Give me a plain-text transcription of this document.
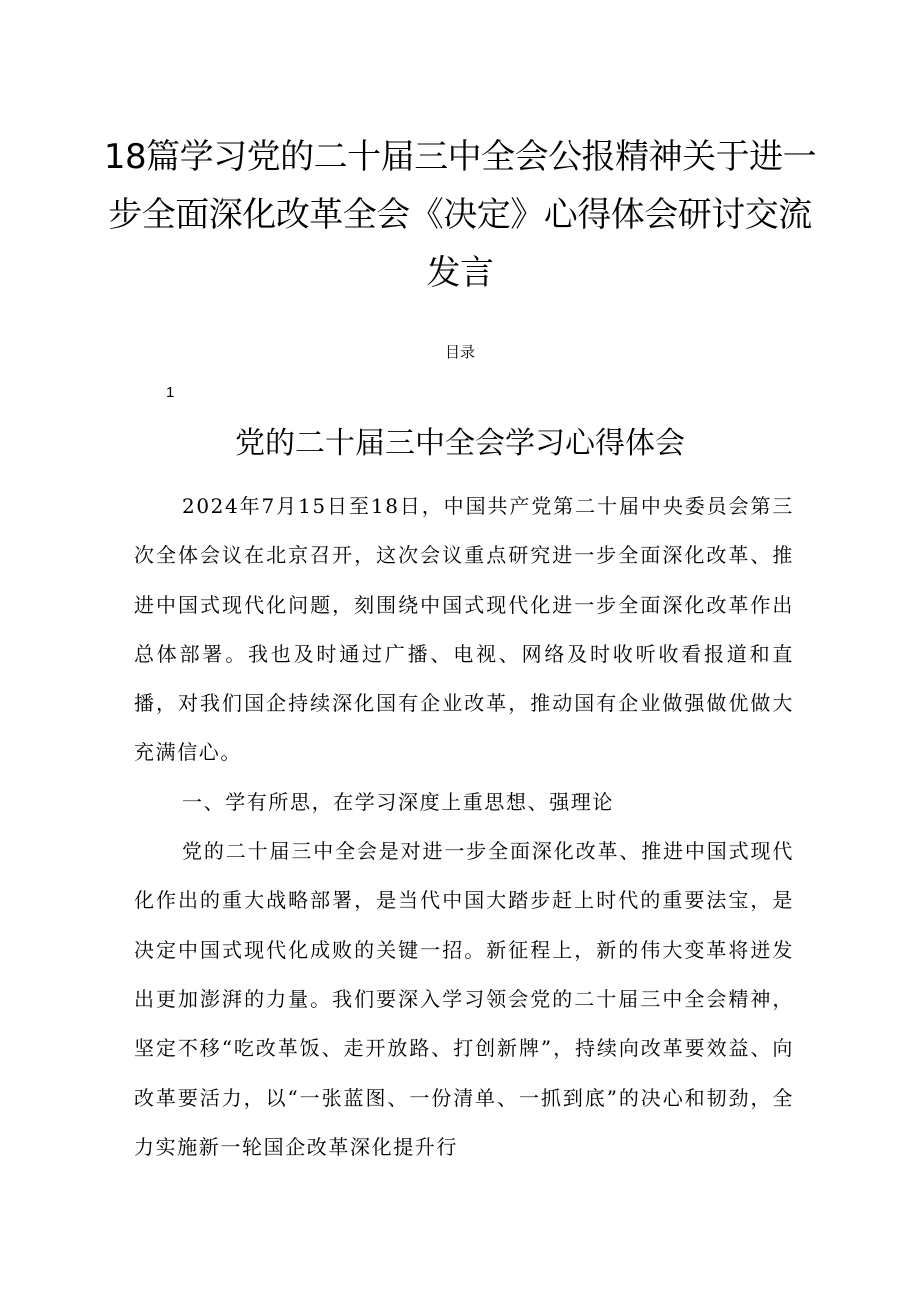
18篇学习党的二十届三中全会公报精神关于进一步全面深化改革全会《决定》心得体会研讨交流发言
目录
1
党的二十届三中全会学习心得体会

2024年7月15日至18日，中国共产党第二十届中央委员会第三次全体会议在北京召开，这次会议重点研究进一步全面深化改革、推进中国式现代化问题，刻围绕中国式现代化进一步全面深化改革作出总体部署。我也及时通过广播、电视、网络及时收听收看报道和直播，对我们国企持续深化国有企业改革，推动国有企业做强做优做大充满信心。

一、学有所思，在学习深度上重思想、强理论

党的二十届三中全会是对进一步全面深化改革、推进中国式现代化作出的重大战略部署，是当代中国大踏步赶上时代的重要法宝，是决定中国式现代化成败的关键一招。新征程上，新的伟大变革将迸发出更加澎湃的力量。我们要深入学习领会党的二十届三中全会精神，坚定不移“吃改革饭、走开放路、打创新牌”，持续向改革要效益、向改革要活力，以“一张蓝图、一份清单、一抓到底”的决心和韧劲，全力实施新一轮国企改革深化提升行
